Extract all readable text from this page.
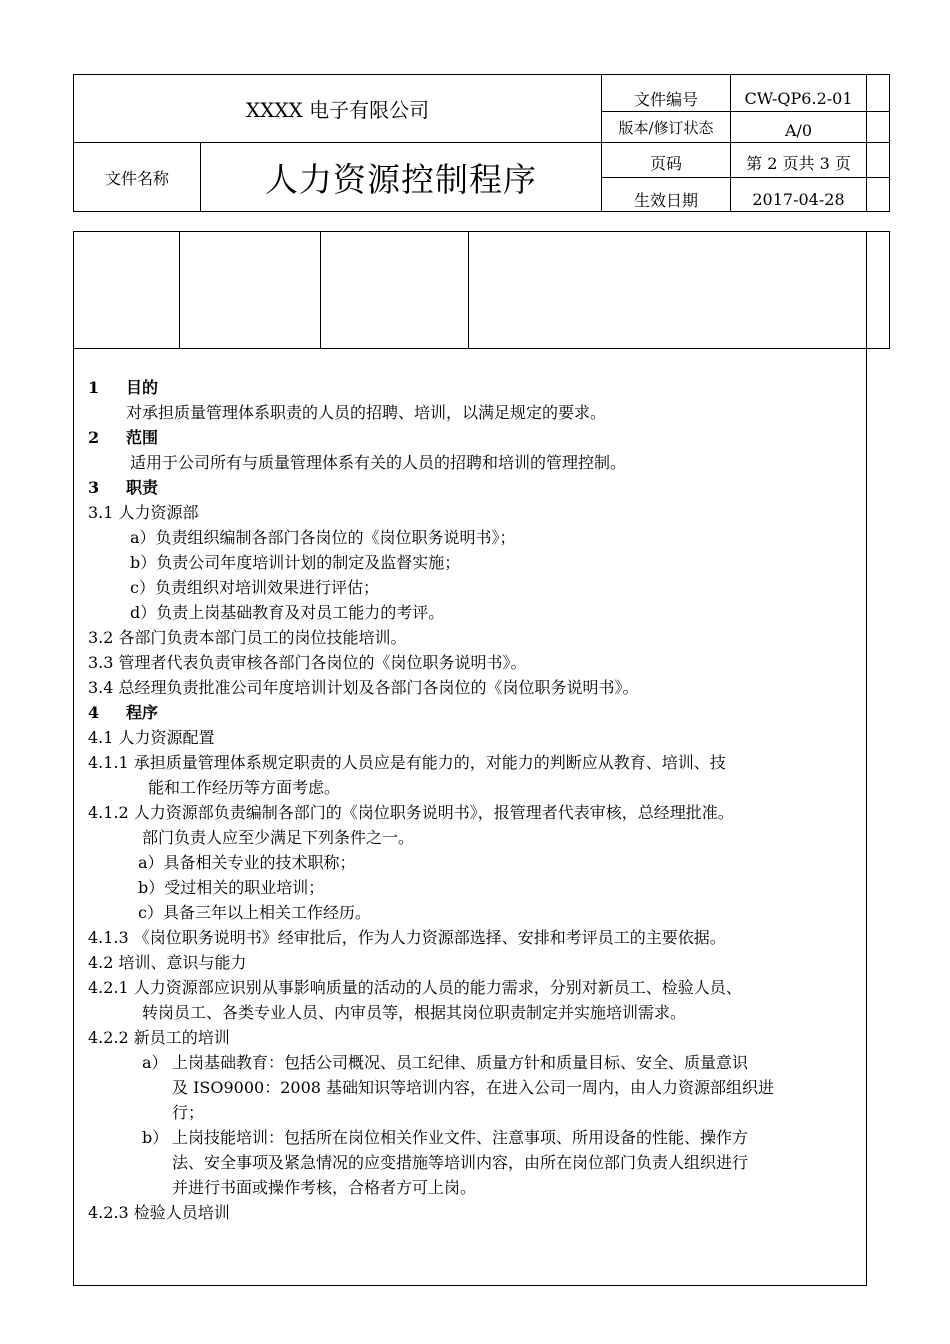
XXXX 电子有限公司
文件名称	人力资源控制程序
文件编号	CW-QP6.2-01
版本/修订状态	A/0
页码	第 2 页共 3 页
生效日期	2017-04-28
1 目的
对承担质量管理体系职责的人员的招聘、培训，以满足规定的要求。
2 范围
适用于公司所有与质量管理体系有关的人员的招聘和培训的管理控制。
3 职责
3.1 人力资源部
a）负责组织编制各部门各岗位的《岗位职务说明书》；
b）负责公司年度培训计划的制定及监督实施；
c）负责组织对培训效果进行评估；
d）负责上岗基础教育及对员工能力的考评。
3.2 各部门负责本部门员工的岗位技能培训。
3.3 管理者代表负责审核各部门各岗位的《岗位职务说明书》。
3.4 总经理负责批准公司年度培训计划及各部门各岗位的《岗位职务说明书》。
4 程序
4.1 人力资源配置
4.1.1 承担质量管理体系规定职责的人员应是有能力的，对能力的判断应从教育、培训、技
能和工作经历等方面考虑。
4.1.2 人力资源部负责编制各部门的《岗位职务说明书》，报管理者代表审核，总经理批准。
部门负责人应至少满足下列条件之一。
a）具备相关专业的技术职称；
b）受过相关的职业培训；
c）具备三年以上相关工作经历。
4.1.3 《岗位职务说明书》经审批后，作为人力资源部选择、安排和考评员工的主要依据。
4.2 培训、意识与能力
4.2.1 人力资源部应识别从事影响质量的活动的人员的能力需求，分别对新员工、检验人员、
转岗员工、各类专业人员、内审员等，根据其岗位职责制定并实施培训需求。
4.2.2 新员工的培训
a） 上岗基础教育：包括公司概况、员工纪律、质量方针和质量目标、安全、质量意识
及 ISO9000：2008 基础知识等培训内容，在进入公司一周内，由人力资源部组织进
行；
b） 上岗技能培训：包括所在岗位相关作业文件、注意事项、所用设备的性能、操作方
法、安全事项及紧急情况的应变措施等培训内容，由所在岗位部门负责人组织进行
并进行书面或操作考核，合格者方可上岗。
4.2.3 检验人员培训
